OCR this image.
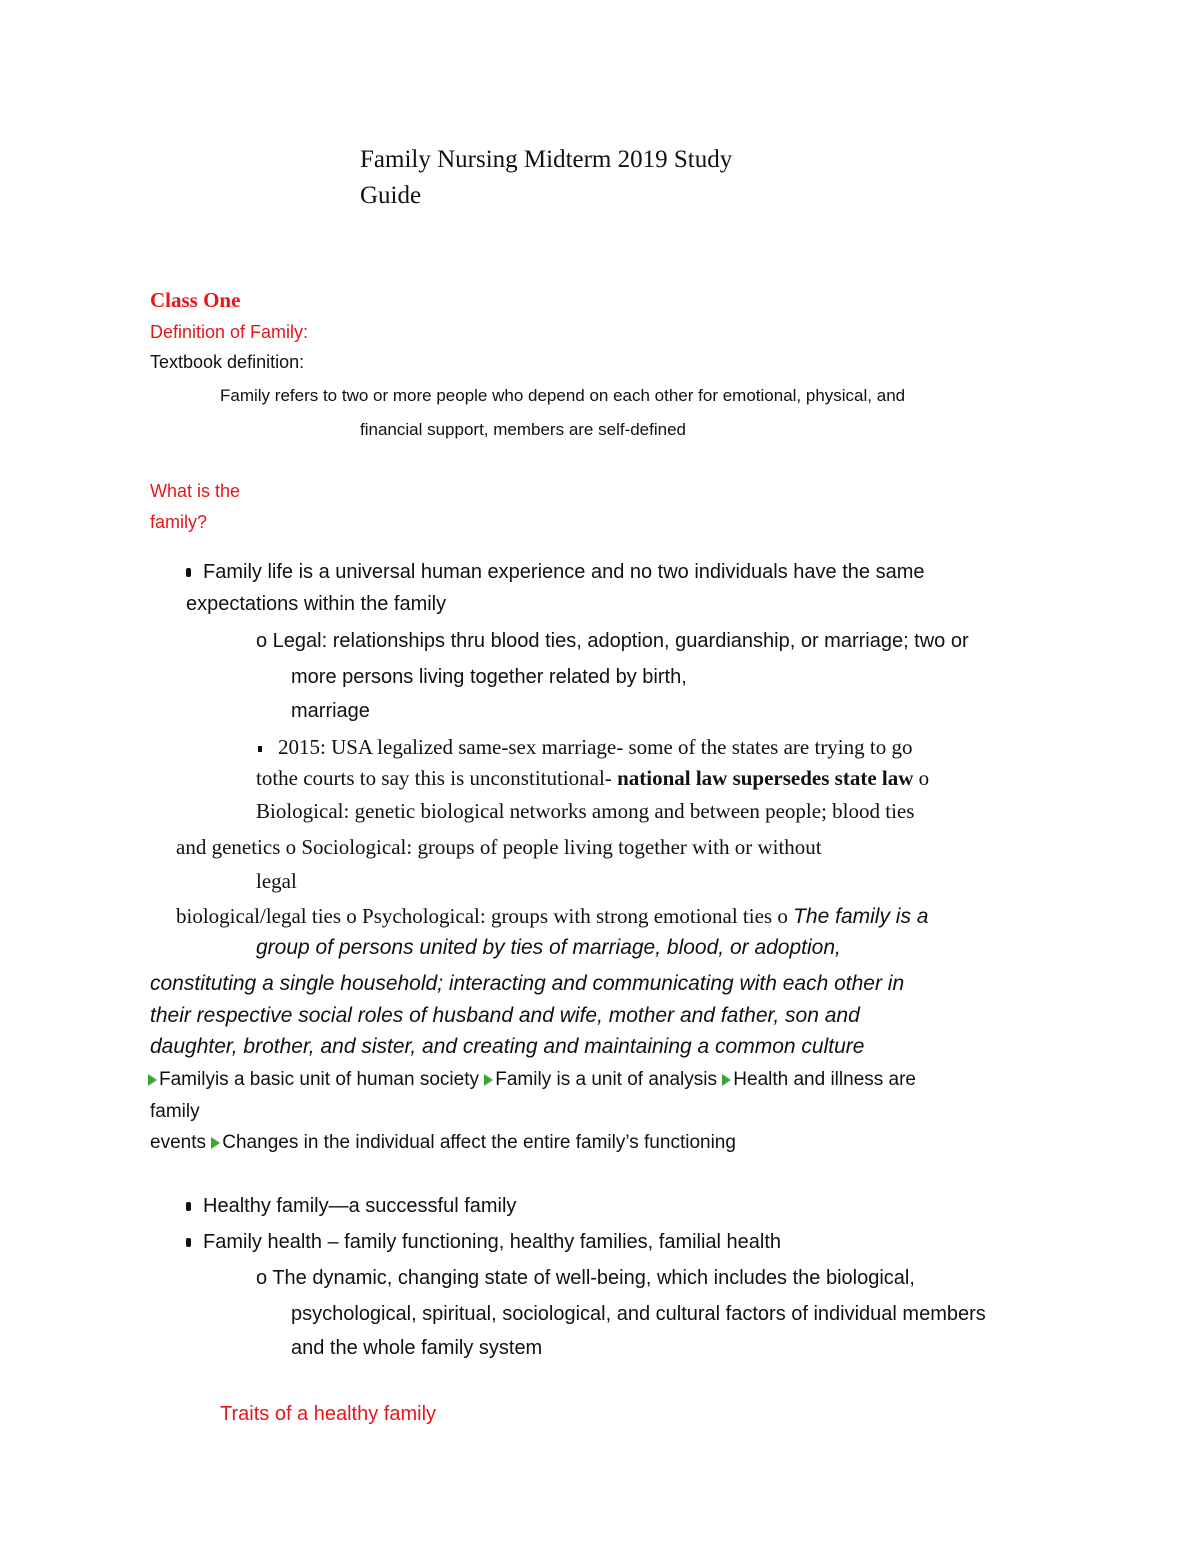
Family Nursing Midterm 2019 Study
Guide
Class One
Definition of Family:
Textbook definition:
Family refers to two or more people who depend on each other for emotional, physical, and
financial support, members are self-defined
What is the
family?
Family life is a universal human experience and no two individuals have the same
expectations within the family
o Legal: relationships thru blood ties, adoption, guardianship, or marriage; two or
more persons living together related by birth,
marriage
2015: USA legalized same-sex marriage- some of the states are trying to go
tothe courts to say this is unconstitutional- national law supersedes state law o
Biological: genetic biological networks among and between people; blood ties
and genetics o Sociological: groups of people living together with or without
legal
biological/legal ties o Psychological: groups with strong emotional ties o The family is a
group of persons united by ties of marriage, blood, or adoption,
constituting a single household; interacting and communicating with each other in
their respective social roles of husband and wife, mother and father, son and
daughter, brother, and sister, and creating and maintaining a common culture
Familyis a basic unit of human society Family is a unit of analysis Health and illness are
family
events Changes in the individual affect the entire family’s functioning
Healthy family—a successful family
Family health – family functioning, healthy families, familial health
o The dynamic, changing state of well-being, which includes the biological,
psychological, spiritual, sociological, and cultural factors of individual members
and the whole family system
Traits of a healthy family
